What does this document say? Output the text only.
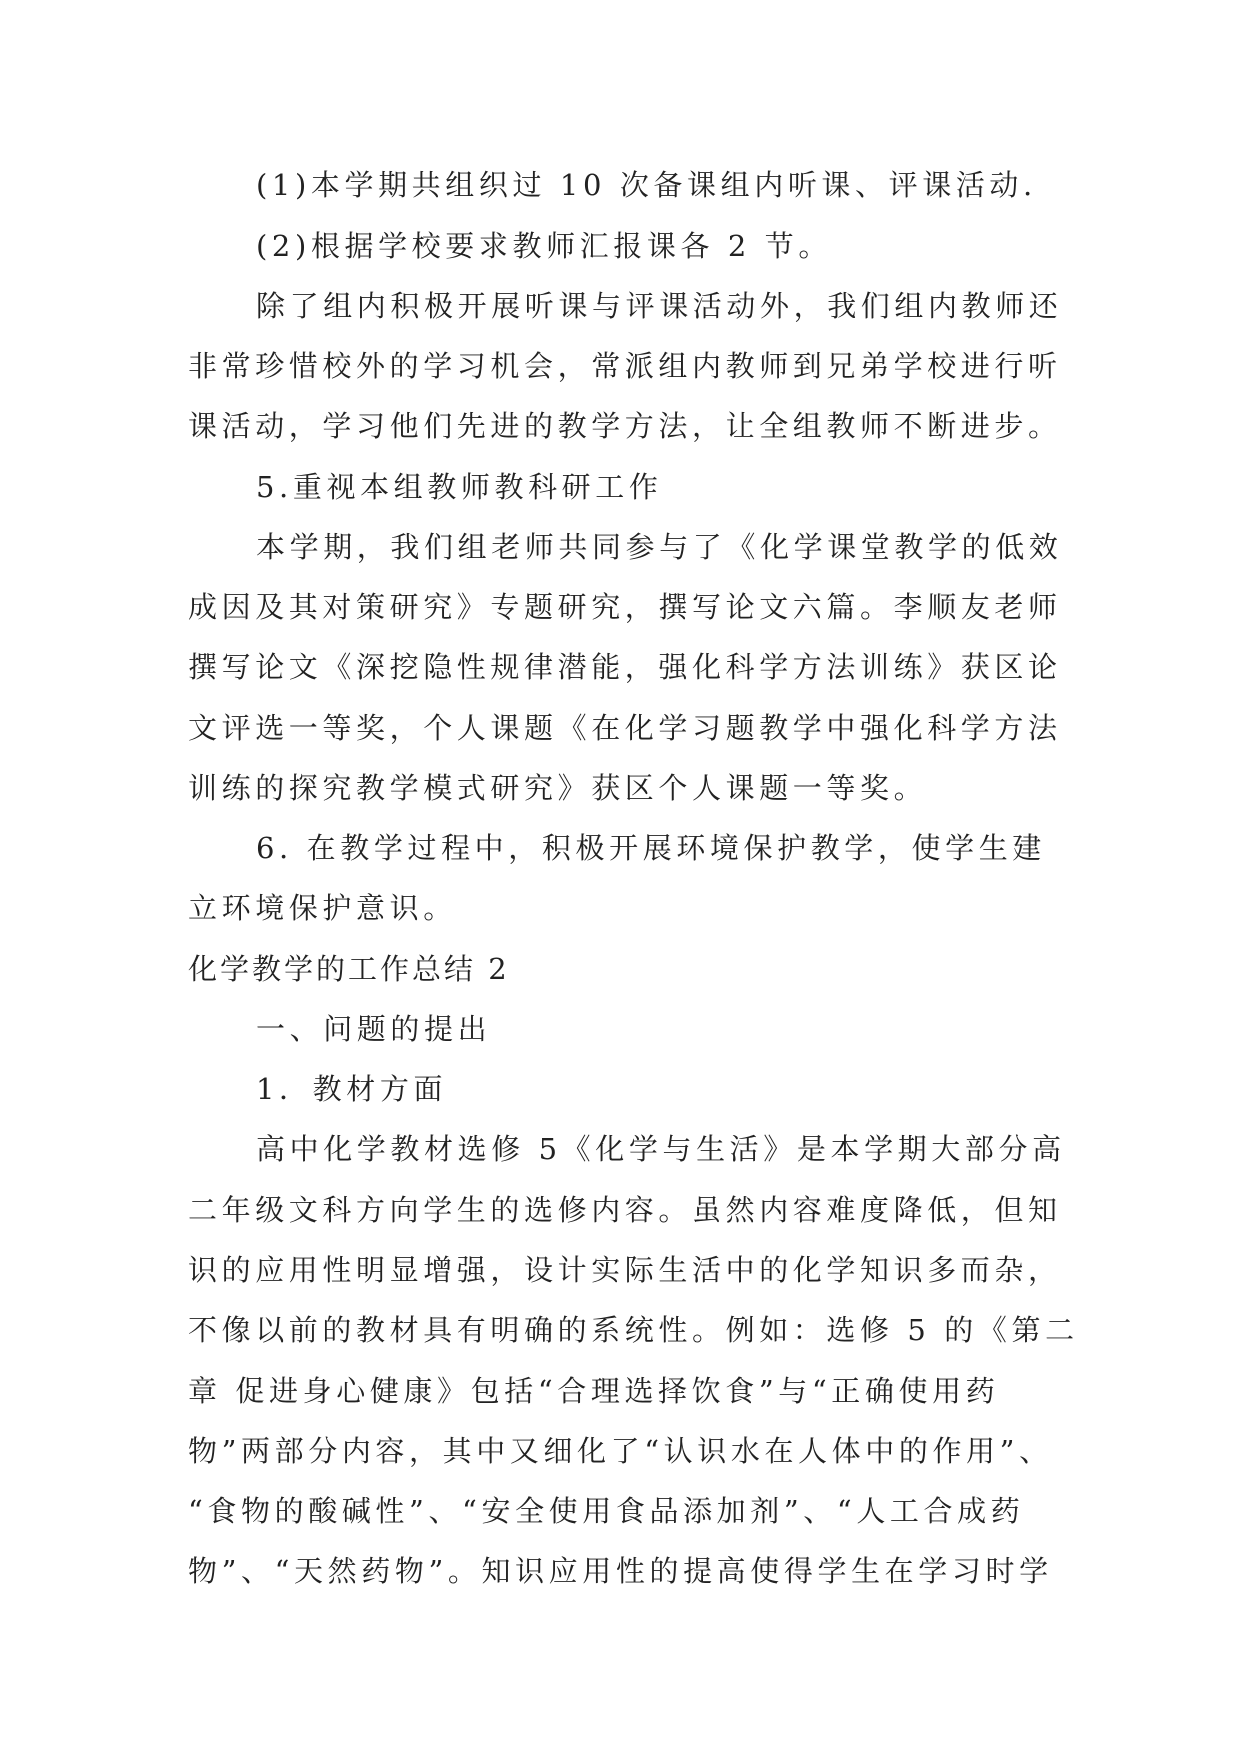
(1)本学期共组织过 10 次备课组内听课、评课活动.

(2)根据学校要求教师汇报课各 2 节。

除了组内积极开展听课与评课活动外，我们组内教师还

非常珍惜校外的学习机会，常派组内教师到兄弟学校进行听

课活动，学习他们先进的教学方法，让全组教师不断进步。

5.重视本组教师教科研工作

本学期，我们组老师共同参与了《化学课堂教学的低效

成因及其对策研究》专题研究，撰写论文六篇。李顺友老师

撰写论文《深挖隐性规律潜能，强化科学方法训练》获区论

文评选一等奖，个人课题《在化学习题教学中强化科学方法

训练的探究教学模式研究》获区个人课题一等奖。

6. 在教学过程中，积极开展环境保护教学，使学生建

立环境保护意识。

化学教学的工作总结 2

一、问题的提出

1．教材方面

高中化学教材选修 5《化学与生活》是本学期大部分高

二年级文科方向学生的选修内容。虽然内容难度降低，但知

识的应用性明显增强，设计实际生活中的化学知识多而杂，

不像以前的教材具有明确的系统性。例如：选修 5 的《第二

章 促进身心健康》包括“合理选择饮食”与“正确使用药

物”两部分内容，其中又细化了“认识水在人体中的作用”、

“食物的酸碱性”、“安全使用食品添加剂”、“人工合成药

物”、“天然药物”。知识应用性的提高使得学生在学习时学
